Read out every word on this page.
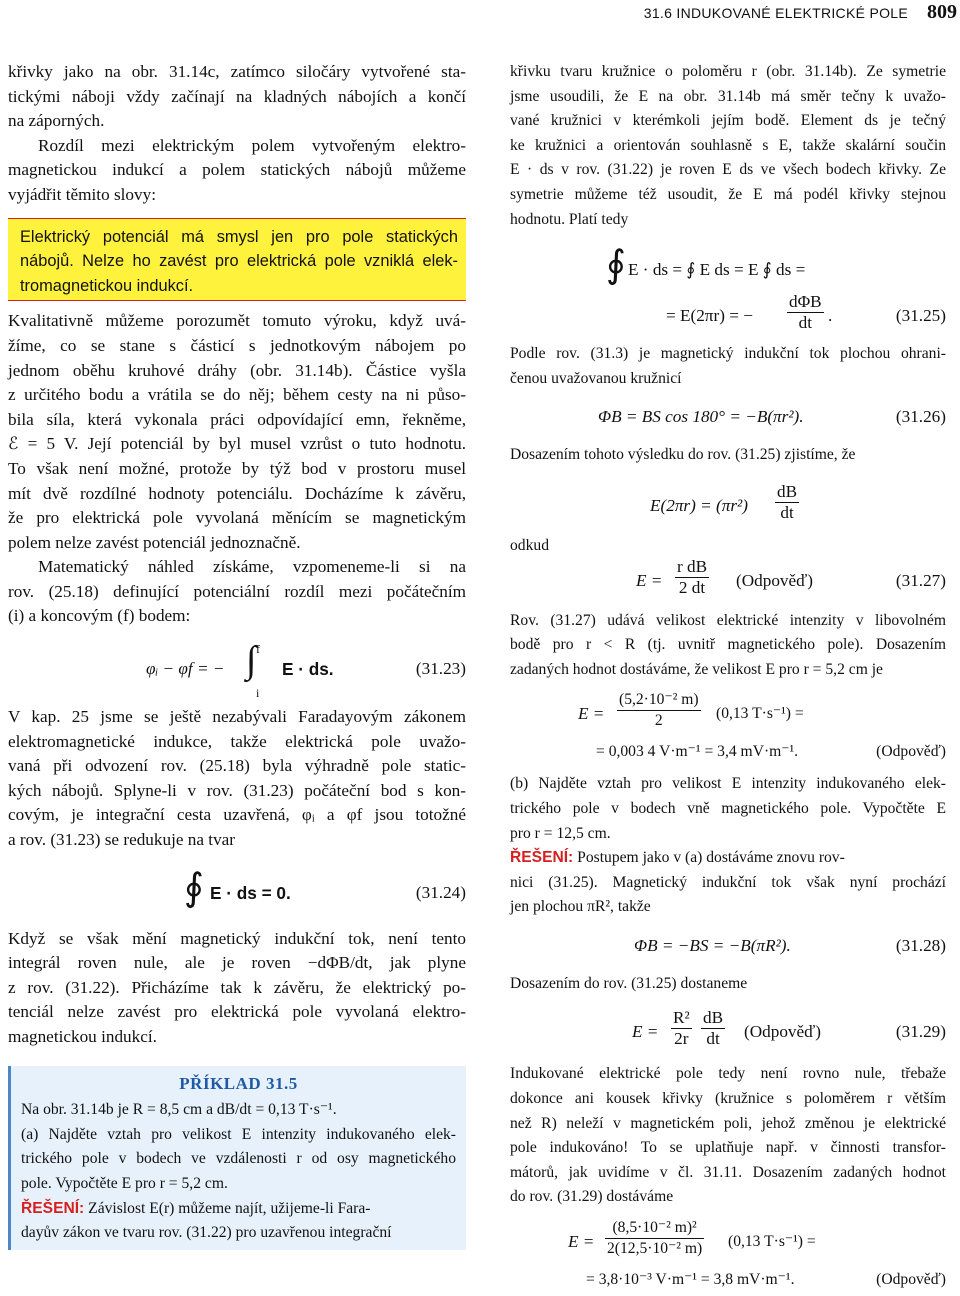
31.6 INDUKOVANÉ ELEKTRICKÉ POLE 809
křivky jako na obr. 31.14c, zatímco siločáry vytvořené sta-
tickými náboji vždy začínají na kladných nábojích a končí
na záporných.
Rozdíl mezi elektrickým polem vytvořeným elektro-
magnetickou indukcí a polem statických nábojů můžeme
vyjádřit těmito slovy:
Elektrický potenciál má smysl jen pro pole statických
nábojů. Nelze ho zavést pro elektrická pole vzniklá elek-
tromagnetickou indukcí.
Kvalitativně můžeme porozumět tomuto výroku, když uvá-
žíme, co se stane s částicí s jednotkovým nábojem po
jednom oběhu kruhové dráhy (obr. 31.14b). Částice vyšla
z určitého bodu a vrátila se do něj; během cesty na ni půso-
bila síla, která vykonala práci odpovídající emn, řekněme,
ℰ = 5 V. Její potenciál by byl musel vzrůst o tuto hodnotu.
To však není možné, protože by týž bod v prostoru musel
mít dvě rozdílné hodnoty potenciálu. Docházíme k závěru,
že pro elektrická pole vyvolaná měnícím se magnetickým
polem nelze zavést potenciál jednoznačně.
Matematický náhled získáme, vzpomeneme-li si na
rov. (25.18) definující potenciální rozdíl mezi počátečním
(i) a koncovým (f) bodem:
φᵢ − φf = −
f
∫
i
E · ds.	(31.23)
V kap. 25 jsme se ještě nezabývali Faradayovým zákonem
elektromagnetické indukce, takže elektrická pole uvažo-
vaná při odvození rov. (25.18) byla výhradně pole static-
kých nábojů. Splyne-li v rov. (31.23) počáteční bod s kon-
covým, je integrační cesta uzavřená, φᵢ a φf jsou totožné
a rov. (31.23) se redukuje na tvar
∮ E · ds = 0.	(31.24)
Když se však mění magnetický indukční tok, není tento
integrál roven nule, ale je roven −dΦB/dt, jak plyne
z rov. (31.22). Přicházíme tak k závěru, že elektrický po-
tenciál nelze zavést pro elektrická pole vyvolaná elektro-
magnetickou indukcí.
PŘÍKLAD 31.5
Na obr. 31.14b je R = 8,5 cm a dB/dt = 0,13 T·s⁻¹.
(a) Najděte vztah pro velikost E intenzity indukovaného elek-
trického pole v bodech ve vzdálenosti r od osy magnetického
pole. Vypočtěte E pro r = 5,2 cm.
ŘEŠENÍ: Závislost E(r) můžeme najít, užijeme-li Fara-
dayův zákon ve tvaru rov. (31.22) pro uzavřenou integrační
křivku tvaru kružnice o poloměru r (obr. 31.14b). Ze symetrie
jsme usoudili, že E na obr. 31.14b má směr tečny k uvažo-
vané kružnici v kterémkoli jejím bodě. Element ds je tečný
ke kružnici a orientován souhlasně s E, takže skalární součin
E · ds v rov. (31.22) je roven E ds ve všech bodech křivky. Ze
symetrie můžeme též usoudit, že E má podél křivky stejnou
hodnotu. Platí tedy
∮ E · ds = ∮ E ds = E ∮ ds =
= E(2πr) = −
dΦB
dt .	(31.25)
Podle rov. (31.3) je magnetický indukční tok plochou ohrani-
čenou uvažovanou kružnicí
ΦB = BS cos 180° = −B(πr²).	(31.26)
Dosazením tohoto výsledku do rov. (31.25) zjistíme, že
$E(2\pi r) = (\pi r^2) \frac{dB}{dt}$
odkud
$E = \frac{\text{r dB}}{2 dt}$ (Odpověď)	(31.27)
Rov. (31.27) udává velikost elektrické intenzity v libovolném
bodě pro r < R (tj. uvnitř magnetického pole). Dosazením
zadaných hodnot dostáváme, že velikost E pro r = 5,2 cm je
$E = \frac{\text{(5,2·10⁻² m)}}{2} (0,13$ T·s⁻¹) =
= 0,003 4 V·m⁻¹ = 3,4 mV·m⁻¹.	(Odpověď)
(b) Najděte vztah pro velikost E intenzity indukovaného elek-
trického pole v bodech vně magnetického pole. Vypočtěte E
pro r = 12,5 cm.
ŘEŠENÍ: Postupem jako v (a) dostáváme znovu rov-
nici (31.25). Magnetický indukční tok však nyní prochází
jen plochou πR², takže
ΦB = −BS = −B(πR²).	(31.28)
Dosazením do rov. (31.25) dostaneme
$E = \frac{\text{R²}}{2r} \frac{dB}{dt}$ (Odpověď)	(31.29)
Indukované elektrické pole tedy není rovno nule, třebaže
dokonce ani kousek křivky (kružnice s poloměrem r větším
než R) neleží v magnetickém poli, jehož změnou je elektrické
pole indukováno! To se uplatňuje např. v činnosti transfor-
mátorů, jak uvidíme v čl. 31.11. Dosazením zadaných hodnot
do rov. (31.29) dostáváme
$E = \frac{\text{(8,5·10⁻² m)²}}{\text{2(12,5·10⁻² m)}} (0,13$ T·s⁻¹) =
= 3,8·10⁻³ V·m⁻¹ = 3,8 mV·m⁻¹.	(Odpověď)
